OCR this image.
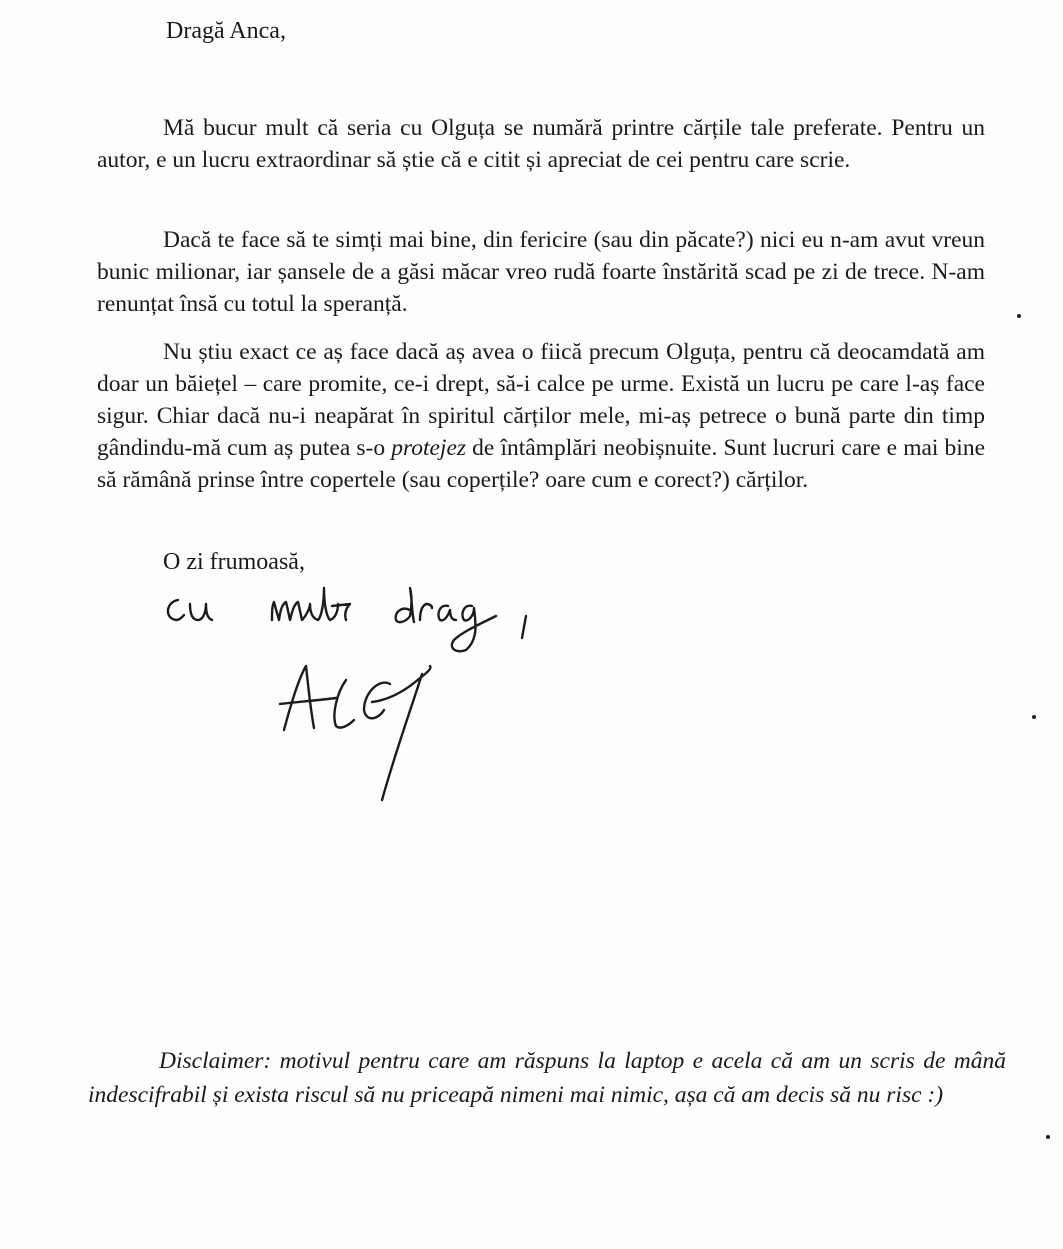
Dragă Anca,

Mă bucur mult că seria cu Olguța se numără printre cărțile tale preferate. Pentru un autor, e un lucru extraordinar să știe că e citit și apreciat de cei pentru care scrie.

Dacă te face să te simți mai bine, din fericire (sau din păcate?) nici eu n-am avut vreun bunic milionar, iar șansele de a găsi măcar vreo rudă foarte înstărită scad pe zi de trece. N-am renunțat însă cu totul la speranță.

Nu știu exact ce aș face dacă aș avea o fiică precum Olguța, pentru că deocamdată am doar un băiețel – care promite, ce-i drept, să-i calce pe urme. Există un lucru pe care l-aș face sigur. Chiar dacă nu-i neapărat în spiritul cărților mele, mi-aș petrece o bună parte din timp gândindu-mă cum aș putea s-o protejez de întâmplări neobișnuite. Sunt lucruri care e mai bine să rămână prinse între copertele (sau coperțile? oare cum e corect?) cărților.

O zi frumoasă,

Disclaimer: motivul pentru care am răspuns la laptop e acela că am un scris de mână indescifrabil și exista riscul să nu priceapă nimeni mai nimic, așa că am decis să nu risc :)
